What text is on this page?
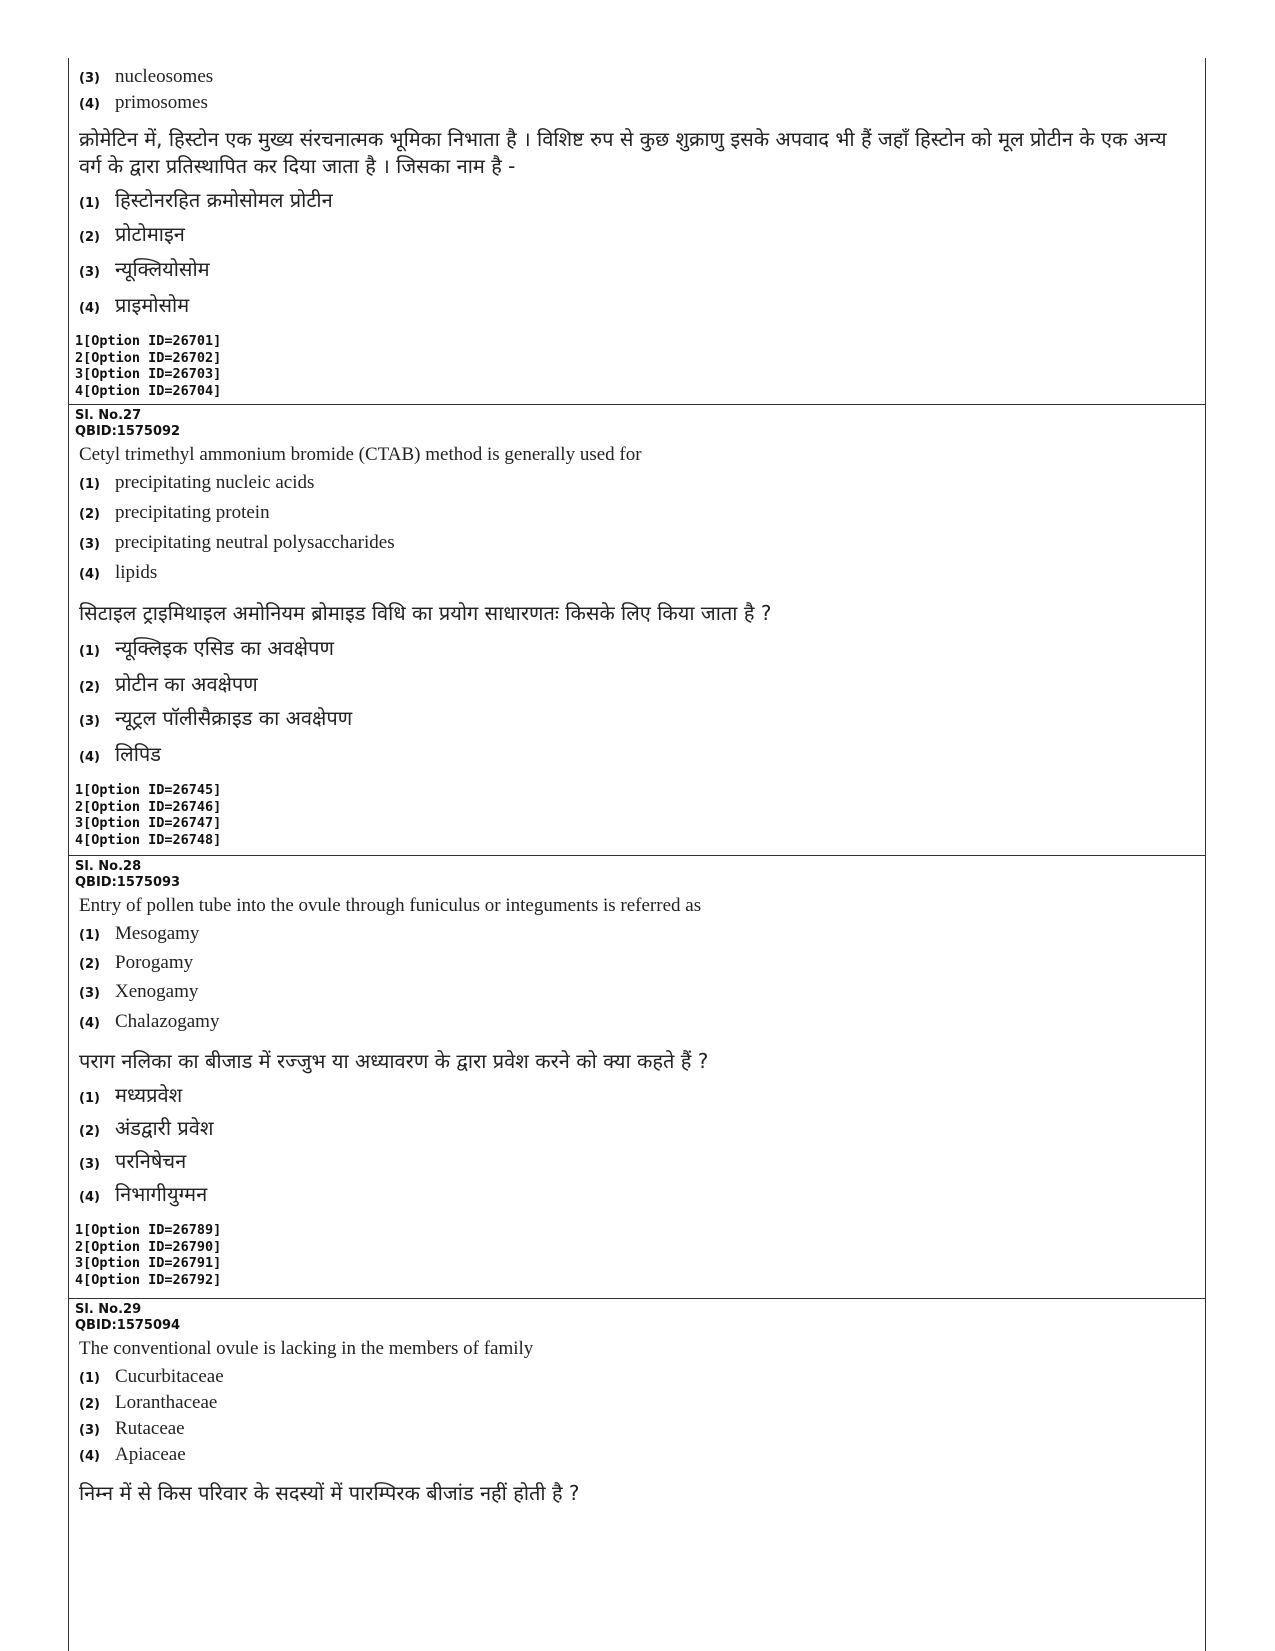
(3) nucleosomes
(4) primosomes
क्रोमेटिन में, हिस्टोन एक मुख्य संरचनात्मक भूमिका निभाता है । विशिष्ट रुप से कुछ शुक्राणु इसके अपवाद भी हैं जहाँ हिस्टोन को मूल प्रोटीन के एक अन्य वर्ग के द्वारा प्रतिस्थापित कर दिया जाता है । जिसका नाम है -
(1) हिस्टोनरहित क्रमोसोमल प्रोटीन
(2) प्रोटोमाइन
(3) न्यूक्लियोसोम
(4) प्राइमोसोम
1[Option ID=26701]
2[Option ID=26702]
3[Option ID=26703]
4[Option ID=26704]
Sl. No.27
QBID:1575092
Cetyl trimethyl ammonium bromide (CTAB) method is generally used for
(1) precipitating nucleic acids
(2) precipitating protein
(3) precipitating neutral polysaccharides
(4) lipids
सिटाइल ट्राइमिथाइल अमोनियम ब्रोमाइड विधि का प्रयोग साधारणतः किसके लिए किया जाता है ?
(1) न्यूक्लिइक एसिड का अवक्षेपण
(2) प्रोटीन का अवक्षेपण
(3) न्यूट्रल पॉलीसैक्राइड का अवक्षेपण
(4) लिपिड
1[Option ID=26745]
2[Option ID=26746]
3[Option ID=26747]
4[Option ID=26748]
Sl. No.28
QBID:1575093
Entry of pollen tube into the ovule through funiculus or integuments is referred as
(1) Mesogamy
(2) Porogamy
(3) Xenogamy
(4) Chalazogamy
पराग नलिका का बीजाड में रज्जुभ या अध्यावरण के द्वारा प्रवेश करने को क्या कहते हैं ?
(1) मध्यप्रवेश
(2) अंडद्वारी प्रवेश
(3) परनिषेचन
(4) निभागीयुग्मन
1[Option ID=26789]
2[Option ID=26790]
3[Option ID=26791]
4[Option ID=26792]
Sl. No.29
QBID:1575094
The conventional ovule is lacking in the members of family
(1) Cucurbitaceae
(2) Loranthaceae
(3) Rutaceae
(4) Apiaceae
निम्न में से किस परिवार के सदस्यों में पारम्पिरक बीजांड नहीं होती है ?
